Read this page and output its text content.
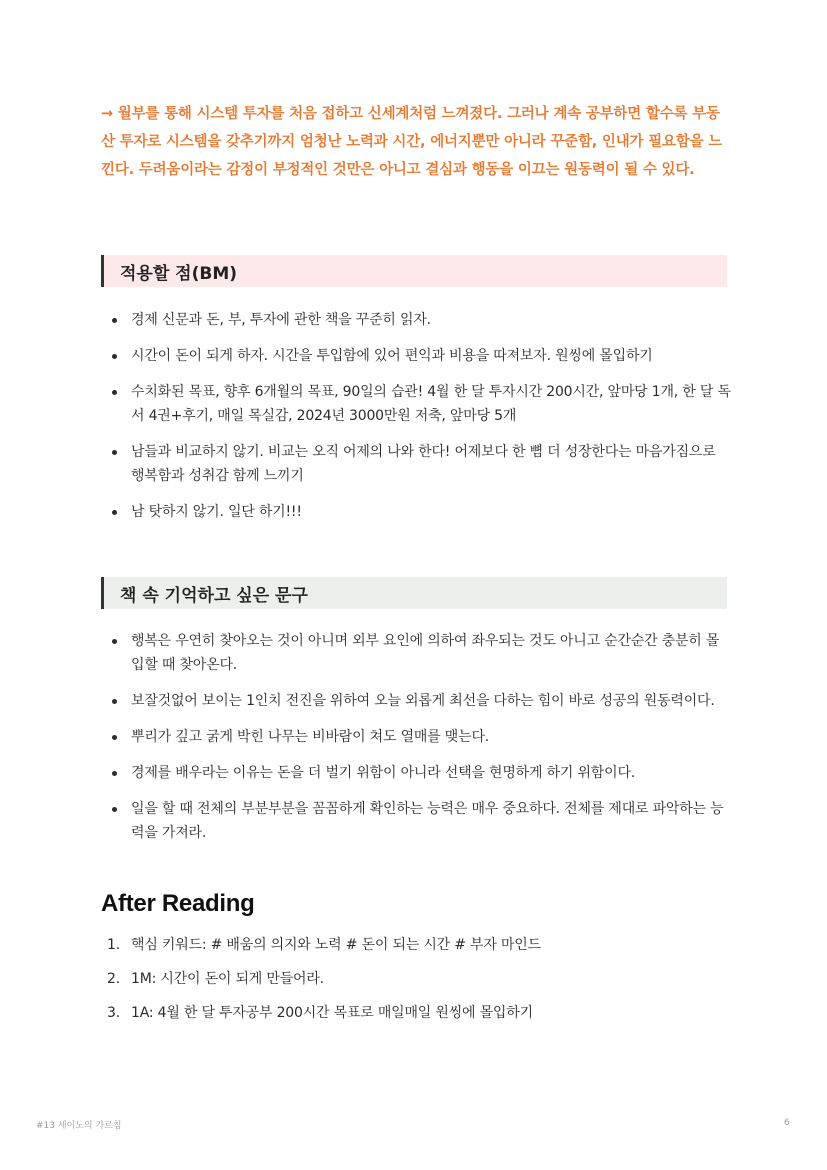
→ 월부를 통해 시스템 투자를 처음 접하고 신세계처럼 느껴졌다. 그러나 계속 공부하면 할수록 부동산 투자로 시스템을 갖추기까지 엄청난 노력과 시간, 에너지뿐만 아니라 꾸준함, 인내가 필요함을 느낀다. 두려움이라는 감정이 부정적인 것만은 아니고 결심과 행동을 이끄는 원동력이 될 수 있다.

적용할 점(BM)
경제 신문과 돈, 부, 투자에 관한 책을 꾸준히 읽자.
시간이 돈이 되게 하자. 시간을 투입함에 있어 편익과 비용을 따져보자. 원씽에 몰입하기
수치화된 목표, 향후 6개월의 목표, 90일의 습관! 4월 한 달 투자시간 200시간, 앞마당 1개, 한 달 독서 4권+후기, 매일 목실감, 2024년 3000만원 저축, 앞마당 5개
남들과 비교하지 않기. 비교는 오직 어제의 나와 한다! 어제보다 한 뼘 더 성장한다는 마음가짐으로 행복함과 성취감 함께 느끼기
남 탓하지 않기. 일단 하기!!!
책 속 기억하고 싶은 문구
행복은 우연히 찾아오는 것이 아니며 외부 요인에 의하여 좌우되는 것도 아니고 순간순간 충분히 몰입할 때 찾아온다.
보잘것없어 보이는 1인치 전진을 위하여 오늘 외롭게 최선을 다하는 힘이 바로 성공의 원동력이다.
뿌리가 깊고 굵게 박힌 나무는 비바람이 쳐도 열매를 맺는다.
경제를 배우라는 이유는 돈을 더 벌기 위함이 아니라 선택을 현명하게 하기 위함이다.
일을 할 때 전체의 부분부분을 꼼꼼하게 확인하는 능력은 매우 중요하다. 전체를 제대로 파악하는 능력을 가져라.
After Reading
1. 핵심 키워드: # 배움의 의지와 노력 # 돈이 되는 시간 # 부자 마인드
2. 1M: 시간이 돈이 되게 만들어라.
3. 1A: 4월 한 달 투자공부 200시간 목표로 매일매일 원씽에 몰입하기
#13 세이노의 가르침	6
